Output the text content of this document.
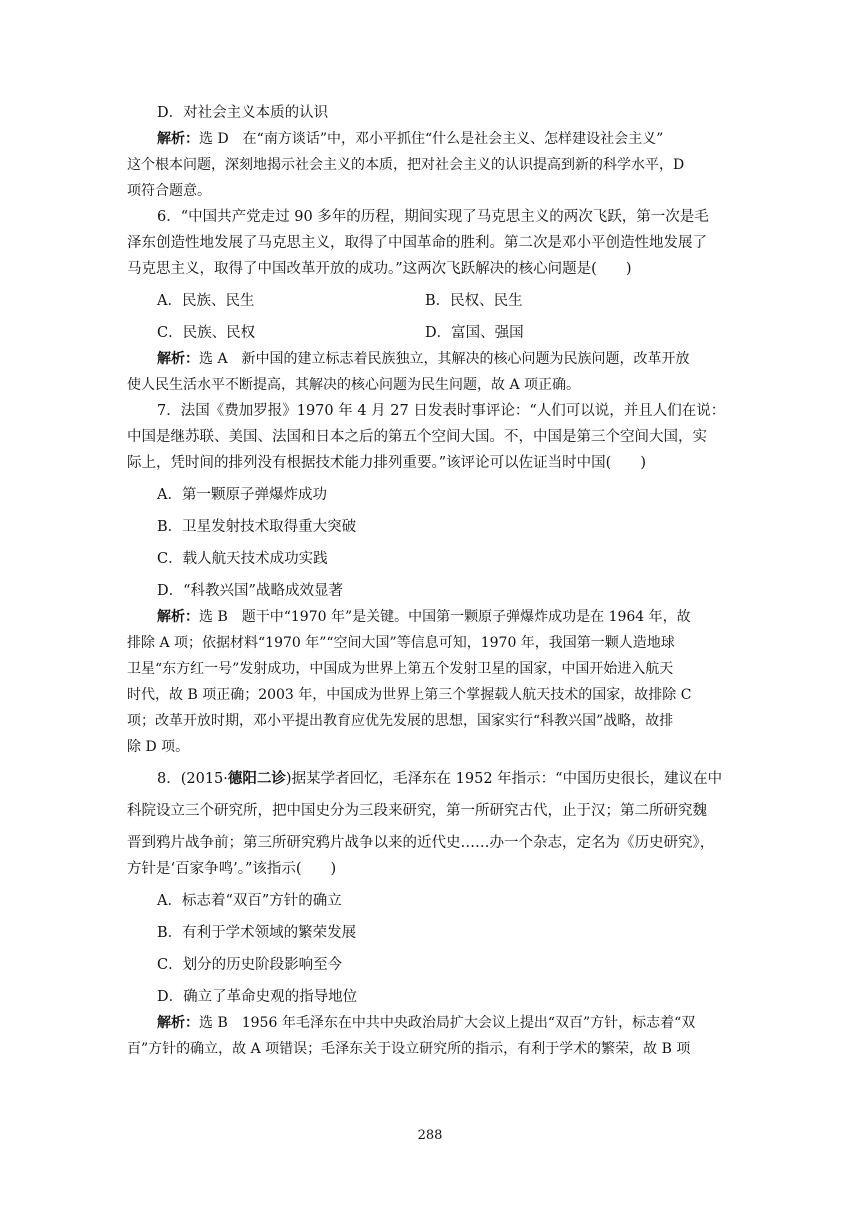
D．对社会主义本质的认识
解析：选 D　在“南方谈话”中，邓小平抓住“什么是社会主义、怎样建设社会主义”
这个根本问题，深刻地揭示社会主义的本质，把对社会主义的认识提高到新的科学水平，D
项符合题意。
6．“中国共产党走过 90 多年的历程，期间实现了马克思主义的两次飞跃，第一次是毛
泽东创造性地发展了马克思主义，取得了中国革命的胜利。第二次是邓小平创造性地发展了
马克思主义，取得了中国改革开放的成功。”这两次飞跃解决的核心问题是(　　)
A．民族、民生	B．民权、民生
C．民族、民权	D．富国、强国
解析：选 A　新中国的建立标志着民族独立，其解决的核心问题为民族问题，改革开放
使人民生活水平不断提高，其解决的核心问题为民生问题，故 A 项正确。
7．法国《费加罗报》1970 年 4 月 27 日发表时事评论：“人们可以说，并且人们在说：
中国是继苏联、美国、法国和日本之后的第五个空间大国。不，中国是第三个空间大国，实
际上，凭时间的排列没有根据技术能力排列重要。”该评论可以佐证当时中国(　　)
A．第一颗原子弹爆炸成功
B．卫星发射技术取得重大突破
C．载人航天技术成功实践
D．“科教兴国”战略成效显著
解析：选 B　题干中“1970 年”是关键。中国第一颗原子弹爆炸成功是在 1964 年，故
排除 A 项；依据材料“1970 年”“空间大国”等信息可知，1970 年，我国第一颗人造地球
卫星“东方红一号”发射成功，中国成为世界上第五个发射卫星的国家，中国开始进入航天
时代，故 B 项正确；2003 年，中国成为世界上第三个掌握载人航天技术的国家，故排除 C
项；改革开放时期，邓小平提出教育应优先发展的思想，国家实行“科教兴国”战略，故排
除 D 项。
8．(2015·德阳二诊)据某学者回忆，毛泽东在 1952 年指示：“中国历史很长，建议在中
科院设立三个研究所，把中国史分为三段来研究，第一所研究古代，止于汉；第二所研究魏
晋到鸦片战争前；第三所研究鸦片战争以来的近代史……办一个杂志，定名为《历史研究》，
方针是‘百家争鸣’。”该指示(　　)
A．标志着“双百”方针的确立
B．有利于学术领域的繁荣发展
C．划分的历史阶段影响至今
D．确立了革命史观的指导地位
解析：选 B　1956 年毛泽东在中共中央政治局扩大会议上提出“双百”方针，标志着“双
百”方针的确立，故 A 项错误；毛泽东关于设立研究所的指示，有利于学术的繁荣，故 B 项
288
